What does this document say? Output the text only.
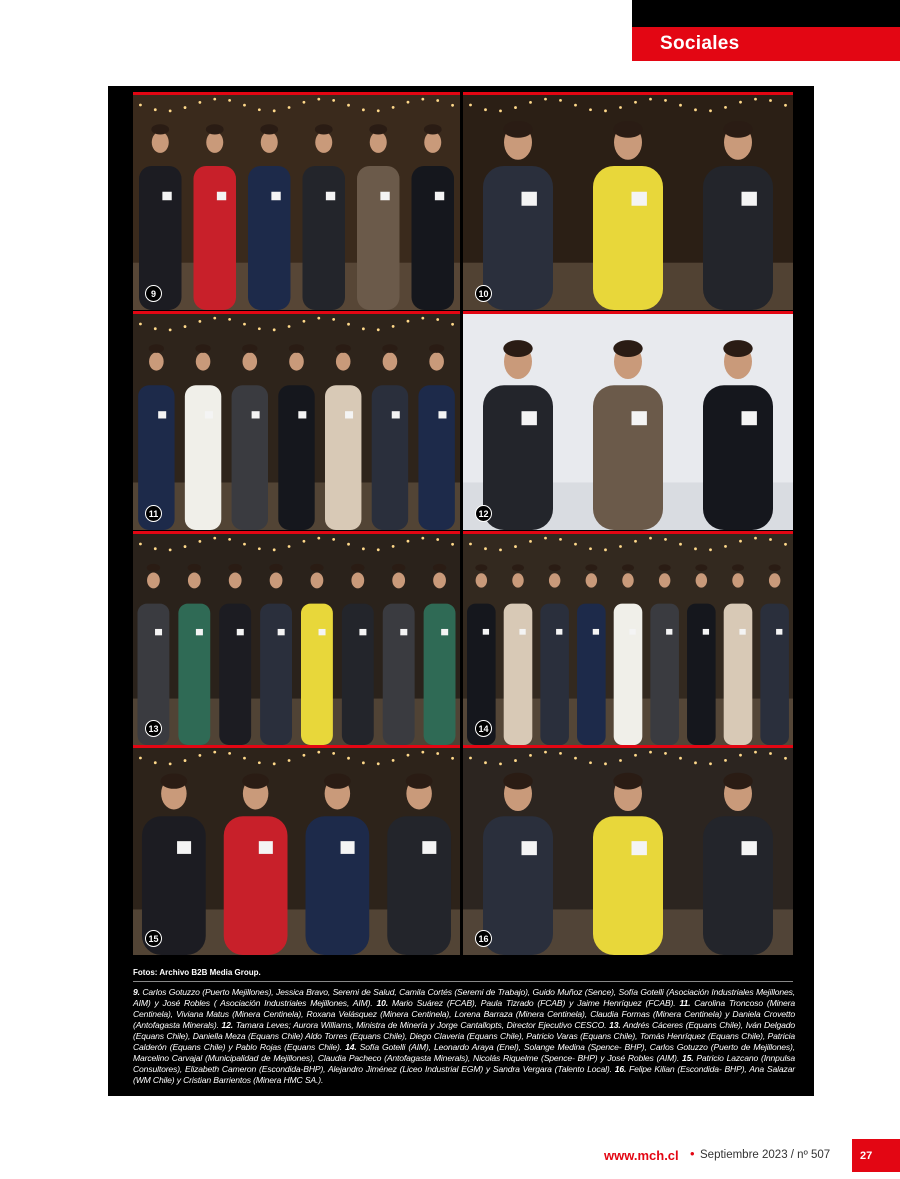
Sociales
9	10
11	12
13	14
15	16
Fotos: Archivo B2B Media Group.
9. Carlos Gotuzzo (Puerto Mejillones), Jessica Bravo, Seremi de Salud, Camila Cortés (Seremi de Trabajo), Guido Muñoz (Sence), Sofía Gotelli (Asociación Industriales Mejillones, AIM) y José Robles ( Asociación Industriales Mejillones, AIM). 10. Mario Suárez (FCAB), Paula Tizrado (FCAB) y Jaime Henríquez (FCAB). 11. Carolina Troncoso (Minera Centinela), Viviana Matus (Minera Centinela), Roxana Velásquez (Minera Centinela), Lorena Barraza (Minera Centinela), Claudia Formas (Minera Centinela) y Daniela Crovetto (Antofagasta Minerals). 12. Tamara Leves; Aurora Williams, Ministra de Minería y Jorge Cantallopts, Director Ejecutivo CESCO. 13. Andrés Cáceres (Equans Chile), Iván Delgado (Equans Chile), Daniella Meza (Equans Chile) Aldo Torres (Equans Chile), Diego Claveria (Equans Chile), Patricio Varas (Equans Chile), Tomás Henríquez (Equans Chile), Patricia Calderón (Equans Chile) y Pablo Rojas (Equans Chile). 14. Sofía Gotelli (AIM), Leonardo Araya (Enel), Solange Medina (Spence- BHP), Carlos Gotuzzo (Puerto de Mejillones), Marcelino Carvajal (Municipalidad de Mejillones), Claudia Pacheco (Antofagasta Minerals), Nicolás Riquelme (Spence- BHP) y José Robles (AIM). 15. Patricio Lazcano (Innpulsa Consultores), Elizabeth Cameron (Escondida-BHP), Alejandro Jiménez (Liceo Industrial EGM) y Sandra Vergara (Talento Local). 16. Felipe Kilian (Escondida- BHP), Ana Salazar (WM Chile) y Cristian Barrientos (Minera HMC SA.).
www.mch.cl • Septiembre 2023 / nº 507	27
